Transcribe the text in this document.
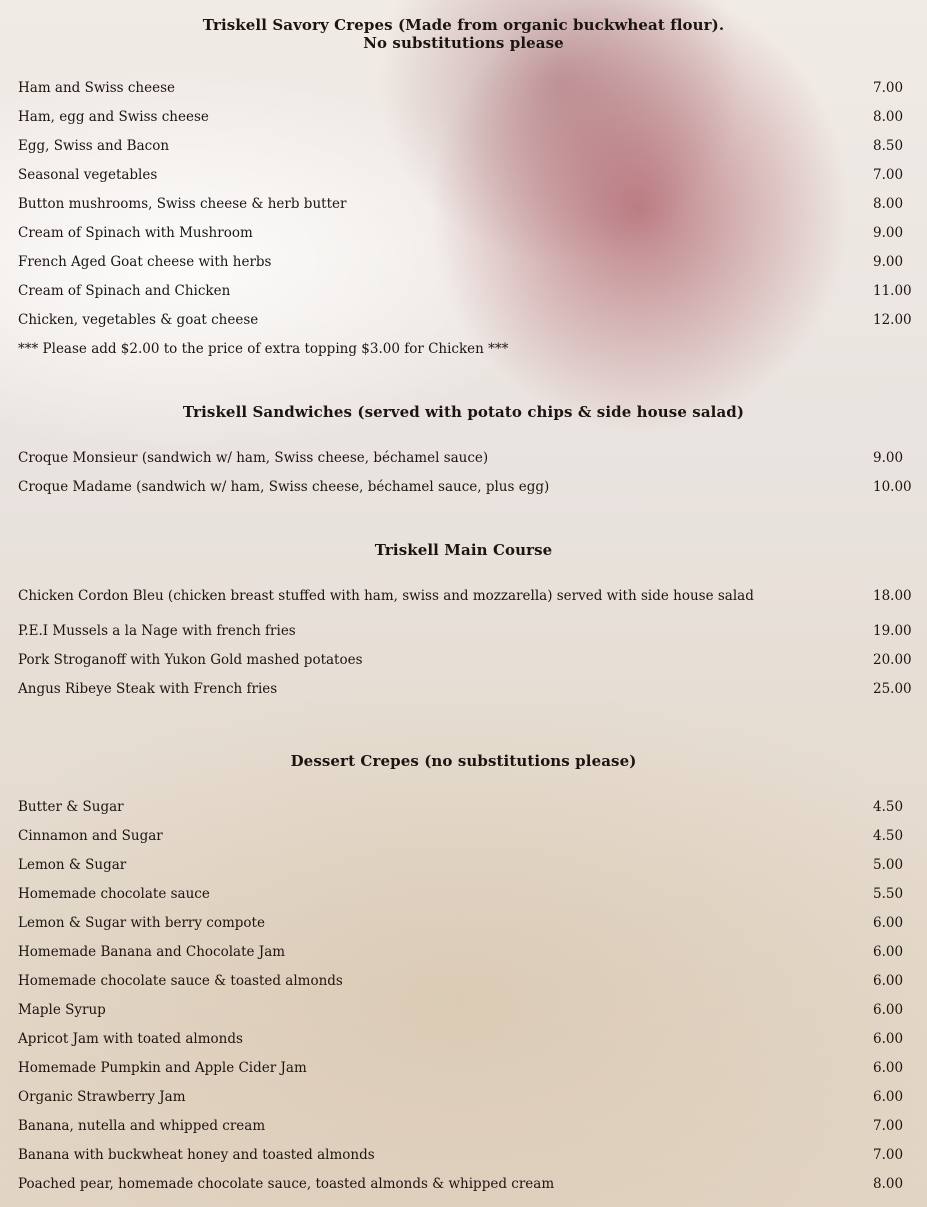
Triskell Savory Crepes (Made from organic buckwheat flour).
No substitutions please
Ham and Swiss cheese	7.00
Ham, egg and Swiss cheese	8.00
Egg, Swiss and Bacon	8.50
Seasonal vegetables	7.00
Button mushrooms, Swiss cheese & herb butter	8.00
Cream of Spinach with Mushroom	9.00
French Aged Goat cheese with herbs	9.00
Cream of Spinach and Chicken	11.00
Chicken, vegetables & goat cheese	12.00
*** Please add $2.00 to the price of extra topping $3.00 for Chicken ***
Triskell Sandwiches (served with potato chips & side house salad)
Croque Monsieur (sandwich w/ ham, Swiss cheese, béchamel sauce)	9.00
Croque Madame (sandwich w/ ham, Swiss cheese, béchamel sauce, plus egg)	10.00
Triskell Main Course
Chicken Cordon Bleu (chicken breast stuffed with ham, swiss and mozzarella) served with side house salad	18.00
P.E.I Mussels a la Nage with french fries	19.00
Pork Stroganoff with Yukon Gold mashed potatoes	20.00
Angus Ribeye Steak with French fries	25.00
Dessert Crepes (no substitutions please)
Butter & Sugar	4.50
Cinnamon and Sugar	4.50
Lemon & Sugar	5.00
Homemade chocolate sauce	5.50
Lemon & Sugar with berry compote	6.00
Homemade Banana and Chocolate Jam	6.00
Homemade chocolate sauce & toasted almonds	6.00
Maple Syrup	6.00
Apricot Jam with toated almonds	6.00
Homemade Pumpkin and Apple Cider Jam	6.00
Organic Strawberry Jam	6.00
Banana, nutella and whipped cream	7.00
Banana with buckwheat honey and toasted almonds	7.00
Poached pear, homemade chocolate sauce, toasted almonds & whipped cream	8.00
